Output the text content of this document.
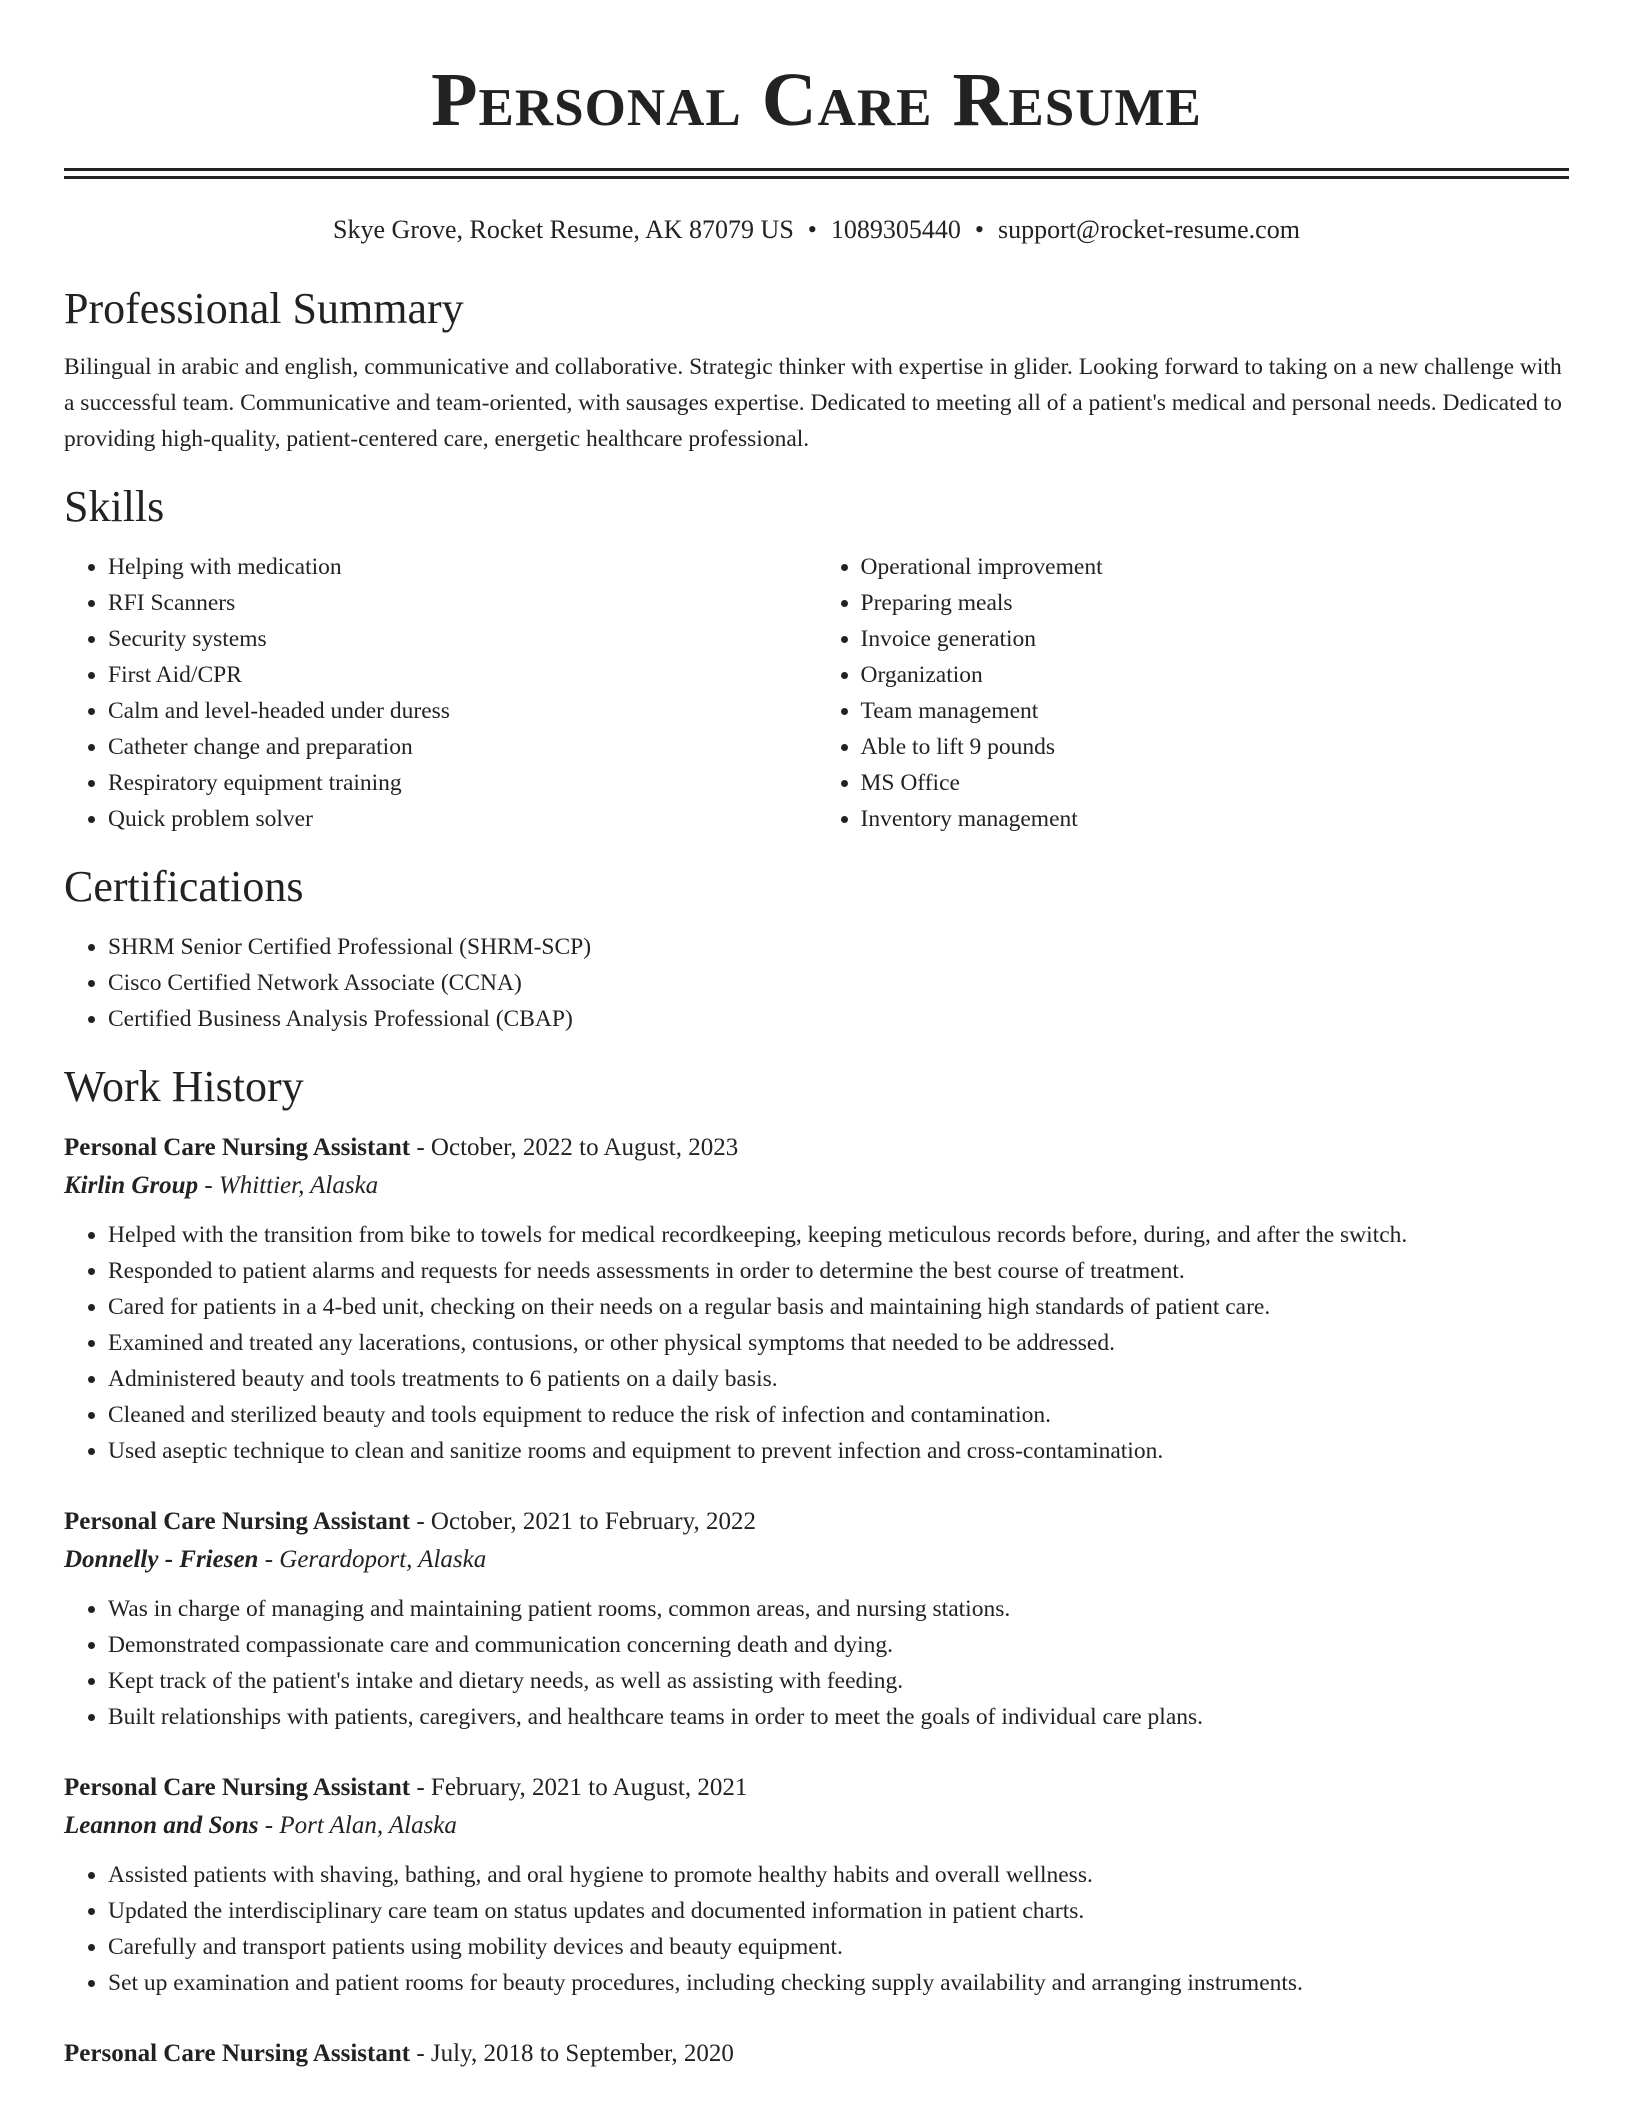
Personal Care Resume
Skye Grove, Rocket Resume, AK 87079 US • 1089305440 • support@rocket-resume.com
Professional Summary

Bilingual in arabic and english, communicative and collaborative. Strategic thinker with expertise in glider. Looking forward to taking on a new challenge with a successful team. Communicative and team-oriented, with sausages expertise. Dedicated to meeting all of a patient's medical and personal needs. Dedicated to providing high-quality, patient-centered care, energetic healthcare professional.

Skills
• Helping with medication
• RFI Scanners
• Security systems
• First Aid/CPR
• Calm and level-headed under duress
• Catheter change and preparation
• Respiratory equipment training
• Quick problem solver
• Operational improvement
• Preparing meals
• Invoice generation
• Organization
• Team management
• Able to lift 9 pounds
• MS Office
• Inventory management
Certifications
• SHRM Senior Certified Professional (SHRM-SCP)
• Cisco Certified Network Associate (CCNA)
• Certified Business Analysis Professional (CBAP)
Work History
Personal Care Nursing Assistant - October, 2022 to August, 2023
Kirlin Group - Whittier, Alaska
• Helped with the transition from bike to towels for medical recordkeeping, keeping meticulous records before, during, and after the switch.
• Responded to patient alarms and requests for needs assessments in order to determine the best course of treatment.
• Cared for patients in a 4-bed unit, checking on their needs on a regular basis and maintaining high standards of patient care.
• Examined and treated any lacerations, contusions, or other physical symptoms that needed to be addressed.
• Administered beauty and tools treatments to 6 patients on a daily basis.
• Cleaned and sterilized beauty and tools equipment to reduce the risk of infection and contamination.
• Used aseptic technique to clean and sanitize rooms and equipment to prevent infection and cross-contamination.
Personal Care Nursing Assistant - October, 2021 to February, 2022
Donnelly - Friesen - Gerardoport, Alaska
• Was in charge of managing and maintaining patient rooms, common areas, and nursing stations.
• Demonstrated compassionate care and communication concerning death and dying.
• Kept track of the patient's intake and dietary needs, as well as assisting with feeding.
• Built relationships with patients, caregivers, and healthcare teams in order to meet the goals of individual care plans.
Personal Care Nursing Assistant - February, 2021 to August, 2021
Leannon and Sons - Port Alan, Alaska
• Assisted patients with shaving, bathing, and oral hygiene to promote healthy habits and overall wellness.
• Updated the interdisciplinary care team on status updates and documented information in patient charts.
• Carefully and transport patients using mobility devices and beauty equipment.
• Set up examination and patient rooms for beauty procedures, including checking supply availability and arranging instruments.
Personal Care Nursing Assistant - July, 2018 to September, 2020
